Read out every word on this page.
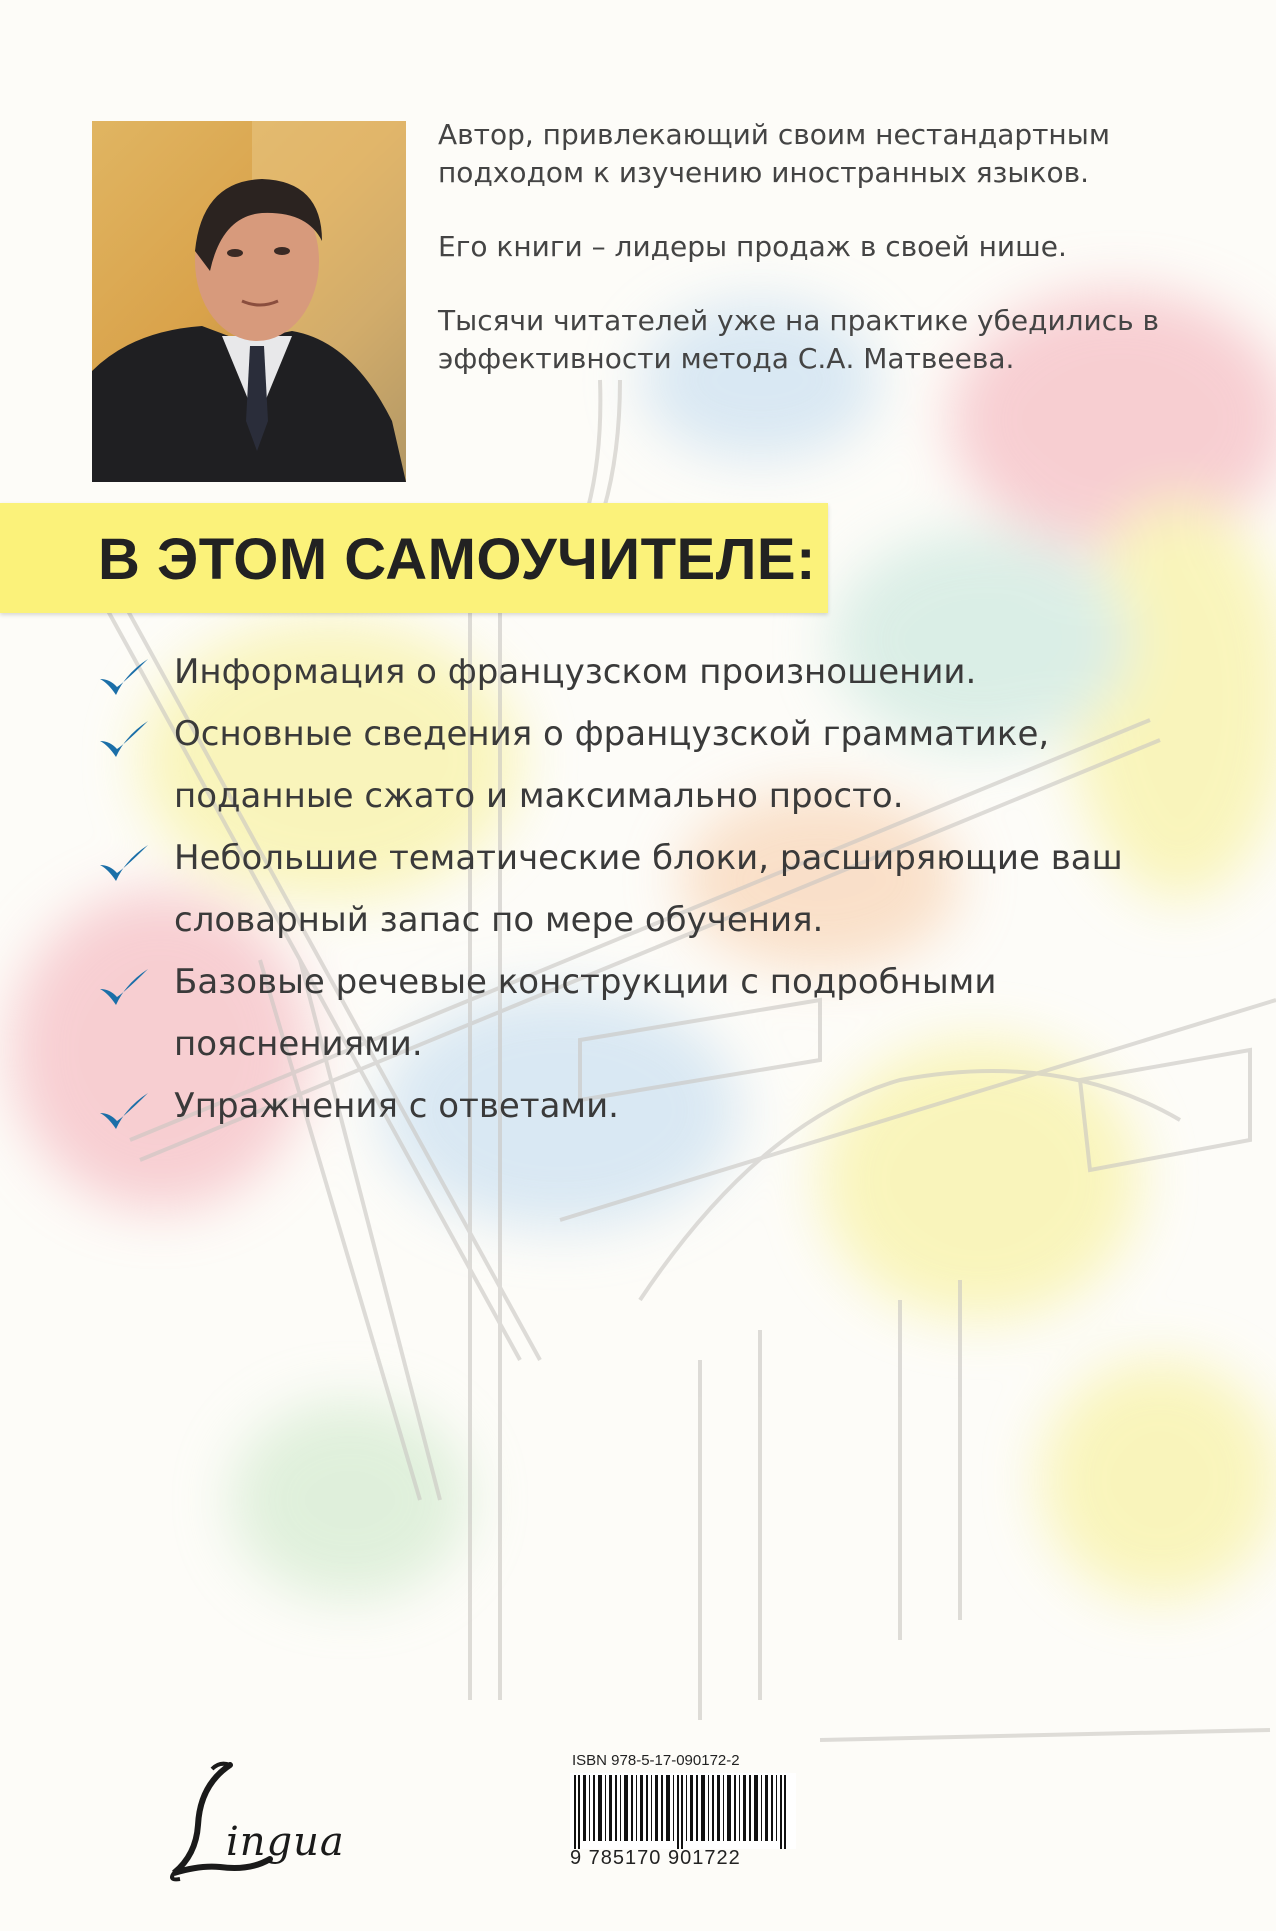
Автор, привлекающий своим нестандартным подходом к изучению иностранных языков.

Его книги – лидеры продаж в своей нише.

Тысячи читателей уже на практике убедились в эффективности метода С.А. Матвеева.

В ЭТОМ САМОУЧИТЕЛЕ:
Информация о французском произношении.
Основные сведения о французской грамматике, поданные сжато и максимально просто.
Небольшие тематические блоки, расширяющие ваш словарный запас по мере обучения.
Базовые речевые конструкции с подробными пояснениями.
Упражнения с ответами.
ingua
ISBN 978-5-17-090172-2
9 785170 901722
